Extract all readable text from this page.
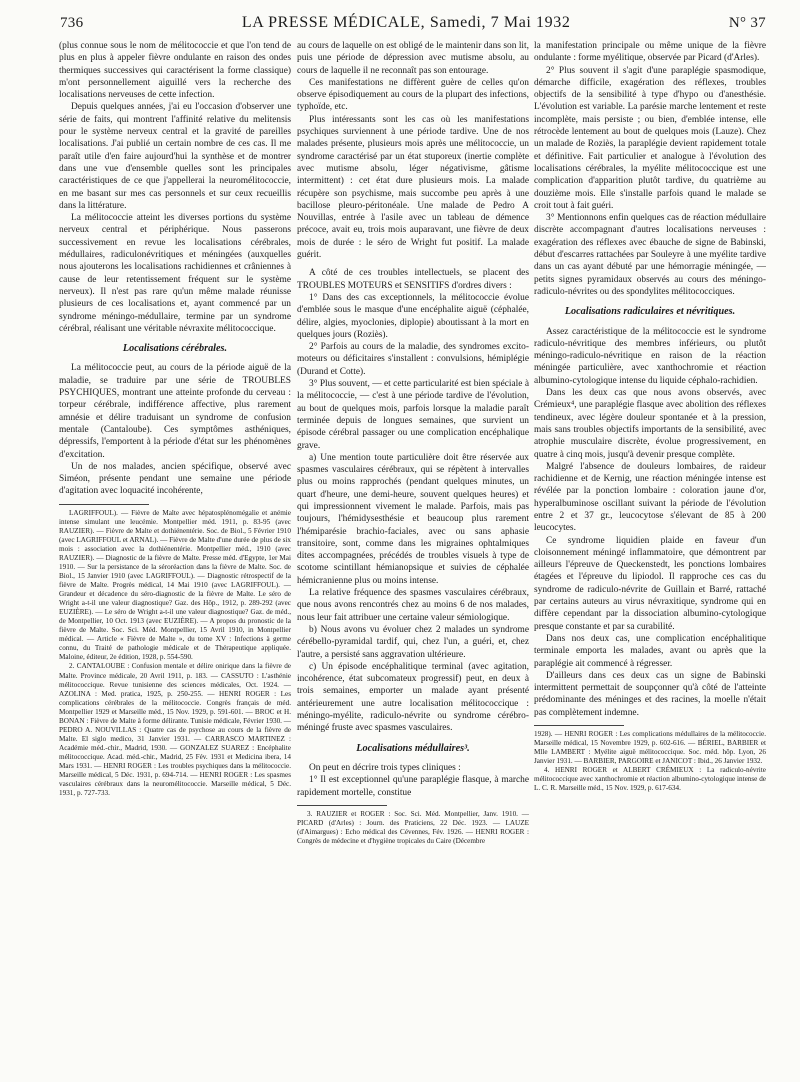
736	LA PRESSE MÉDICALE, Samedi, 7 Mai 1932	N° 37

(plus connue sous le nom de mélitococcie et que l'on tend de plus en plus à appeler fièvre ondulante en raison des ondes thermiques successives qui caractérisent la forme classique) m'ont personnellement aiguillé vers la recherche des localisations nerveuses de cette infection.

Depuis quelques années, j'ai eu l'occasion d'observer une série de faits, qui montrent l'affinité relative du melitensis pour le système nerveux central et la gravité de pareilles localisations. J'ai publié un certain nombre de ces cas. Il me paraît utile d'en faire aujourd'hui la synthèse et de montrer dans une vue d'ensemble quelles sont les principales caractéristiques de ce que j'appellerai la neuromélitococcie, en me basant sur mes cas personnels et sur ceux recueillis dans la littérature.

La mélitococcie atteint les diverses portions du système nerveux central et périphérique. Nous passerons successivement en revue les localisations cérébrales, médullaires, radiculonévritiques et méningées (auxquelles nous ajouterons les localisations rachidiennes et crâniennes à cause de leur retentissement fréquent sur le système nerveux). Il n'est pas rare qu'un même malade réunisse plusieurs de ces localisations et, ayant commencé par un syndrome méningo-médullaire, termine par un syndrome cérébral, réalisant une véritable névraxite mélitococcique.

Localisations cérébrales.

La mélitococcie peut, au cours de la période aiguë de la maladie, se traduire par une série de TROUBLES PSYCHIQUES, montrant une atteinte profonde du cerveau : torpeur cérébrale, indifférence affective, plus rarement amnésie et délire traduisant un syndrome de confusion mentale (Cantaloube). Ces symptômes asthéniques, dépressifs, l'emportent à la période d'état sur les phénomènes d'excitation.

Un de nos malades, ancien spécifique, observé avec Siméon, présente pendant une semaine une période d'agitation avec loquacité incohérente,

LAGRIFFOUL). — Fièvre de Malte avec hépatosplénomégalie et anémie intense simulant une leucémie. Montpellier méd. 1911, p. 83-95 (avec RAUZIER). — Fièvre de Malte et dothiénentérie. Soc. de Biol., 5 Février 1910 (avec LAGRIFFOUL et ARNAL). — Fièvre de Malte d'une durée de plus de six mois : association avec la dothiénentérie. Montpellier méd., 1910 (avec RAUZIER). — Diagnostic de la fièvre de Malte. Presse méd. d'Egypte, 1er Mai 1910. — Sur la persistance de la séroréaction dans la fièvre de Malte. Soc. de Biol., 15 Janvier 1910 (avec LAGRIFFOUL). — Diagnostic rétrospectif de la fièvre de Malte. Progrès médical, 14 Mai 1910 (avec LAGRIFFOUL). — Grandeur et décadence du séro-diagnostic de la fièvre de Malte. Le séro de Wright a-t-il une valeur diagnostique? Gaz. des Hôp., 1912, p. 289-292 (avec EUZIÈRE). — Le séro de Wright a-t-il une valeur diagnostique? Gaz. de méd., de Montpellier, 10 Oct. 1913 (avec EUZIÈRE). — A propos du pronostic de la fièvre de Malte. Soc. Sci. Méd. Montpellier, 15 Avril 1910, in Montpellier médical. — Article « Fièvre de Malte », du tome XV : Infections à germe connu, du Traité de pathologie médicale et de Thérapeutique appliquée. Maloine, éditeur, 2e édition, 1928, p. 554-590.

2. CANTALOUBE : Confusion mentale et délire onirique dans la fièvre de Malte. Province médicale, 20 Avril 1911, p. 183. — CASSUTO : L'asthénie mélitococcique. Revue tunisienne des sciences médicales, Oct. 1924. — AZOLINA : Med. pratica, 1925, p. 250-255. — HENRI ROGER : Les complications cérébrales de la mélitococcie. Congrès français de méd. Montpellier 1929 et Marseille méd., 15 Nov. 1929, p. 591-601. — BROC et H. BONAN : Fièvre de Malte à forme délirante. Tunisie médicale, Février 1930. — PEDRO A. NOUVILLAS : Quatre cas de psychose au cours de la fièvre de Malte. El siglo medico, 31 Janvier 1931. — CARRASCO MARTINEZ : Académie méd.-chir., Madrid, 1930. — GONZALEZ SUAREZ : Encéphalite mélitococcique. Acad. méd.-chir., Madrid, 25 Fév. 1931 et Medicina ibera, 14 Mars 1931. — HENRI ROGER : Les troubles psychiques dans la mélitococcie. Marseille médical, 5 Déc. 1931, p. 694-714. — HENRI ROGER : Les spasmes vasculaires cérébraux dans la neuromélitococcie. Marseille médical, 5 Déc. 1931, p. 727-733.

au cours de laquelle on est obligé de le maintenir dans son lit, puis une période de dépression avec mutisme absolu, au cours de laquelle il ne reconnaît pas son entourage.

Ces manifestations ne diffèrent guère de celles qu'on observe épisodiquement au cours de la plupart des infections, typhoïde, etc.

Plus intéressants sont les cas où les manifestations psychiques surviennent à une période tardive. Une de nos malades présente, plusieurs mois après une mélitococcie, un syndrome caractérisé par un état stuporeux (inertie complète avec mutisme absolu, léger négativisme, gâtisme intermittent) : cet état dure plusieurs mois. La malade récupère son psychisme, mais succombe peu après à une bacillose pleuro-péritonéale. Une malade de Pedro A Nouvillas, entrée à l'asile avec un tableau de démence précoce, avait eu, trois mois auparavant, une fièvre de deux mois de durée : le séro de Wright fut positif. La malade guérit.

A côté de ces troubles intellectuels, se placent des TROUBLES MOTEURS et SENSITIFS d'ordres divers :

1° Dans des cas exceptionnels, la mélitococcie évolue d'emblée sous le masque d'une encéphalite aiguë (céphalée, délire, algies, myoclonies, diplopie) aboutissant à la mort en quelques jours (Roziès).

2° Parfois au cours de la maladie, des syndromes excito-moteurs ou déficitaires s'installent : convulsions, hémiplégie (Durand et Cotte).

3° Plus souvent, — et cette particularité est bien spéciale à la mélitococcie, — c'est à une période tardive de l'évolution, au bout de quelques mois, parfois lorsque la maladie paraît terminée depuis de longues semaines, que survient un épisode cérébral passager ou une complication encéphalique grave.

a) Une mention toute particulière doit être réservée aux spasmes vasculaires cérébraux, qui se répètent à intervalles plus ou moins rapprochés (pendant quelques minutes, un quart d'heure, une demi-heure, souvent quelques heures) et qui impressionnent vivement le malade. Parfois, mais pas toujours, l'hémidysesthésie et beaucoup plus rarement l'hémiparésie brachio-faciales, avec ou sans aphasie transitoire, sont, comme dans les migraines ophtalmiques dites accompagnées, précédés de troubles visuels à type de scotome scintillant hémianopsique et suivies de céphalée hémicranienne plus ou moins intense.

La relative fréquence des spasmes vasculaires cérébraux, que nous avons rencontrés chez au moins 6 de nos malades, nous leur fait attribuer une certaine valeur sémiologique.

b) Nous avons vu évoluer chez 2 malades un syndrome cérébello-pyramidal tardif, qui, chez l'un, a guéri, et, chez l'autre, a persisté sans aggravation ultérieure.

c) Un épisode encéphalitique terminal (avec agitation, incohérence, état subcomateux progressif) peut, en deux à trois semaines, emporter un malade ayant présenté antérieurement une autre localisation mélitococcique : méningo-myélite, radiculo-névrite ou syndrome cérébro-méningé fruste avec spasmes vasculaires.

Localisations médullaires³.

On peut en décrire trois types cliniques :

1° Il est exceptionnel qu'une paraplégie flasque, à marche rapidement mortelle, constitue

3. RAUZIER et ROGER : Soc. Sci. Méd. Montpellier, Janv. 1910. — PICARD (d'Arles) : Journ. des Praticiens, 22 Déc. 1923. — LAUZE (d'Aimargues) : Echo médical des Cévennes, Fév. 1926. — HENRI ROGER : Congrès de médecine et d'hygiène tropicales du Caire (Décembre

la manifestation principale ou même unique de la fièvre ondulante : forme myélitique, observée par Picard (d'Arles).

2° Plus souvent il s'agit d'une paraplégie spasmodique, démarche difficile, exagération des réflexes, troubles objectifs de la sensibilité à type d'hypo ou d'anesthésie. L'évolution est variable. La parésie marche lentement et reste incomplète, mais persiste ; ou bien, d'emblée intense, elle rétrocède lentement au bout de quelques mois (Lauze). Chez un malade de Roziès, la paraplégie devient rapidement totale et définitive. Fait particulier et analogue à l'évolution des localisations cérébrales, la myélite mélitococcique est une complication d'apparition plutôt tardive, du quatrième au douzième mois. Elle s'installe parfois quand le malade se croit tout à fait guéri.

3° Mentionnons enfin quelques cas de réaction médullaire discrète accompagnant d'autres localisations nerveuses : exagération des réflexes avec ébauche de signe de Babinski, début d'escarres rattachées par Souleyre à une myélite tardive dans un cas ayant débuté par une hémorragie méningée, — petits signes pyramidaux observés au cours des méningo-radiculo-névrites ou des spondylites mélitococciques.

Localisations radiculaires et névritiques.

Assez caractéristique de la mélitococcie est le syndrome radiculo-névritique des membres inférieurs, ou plutôt méningo-radiculo-névritique en raison de la réaction méningée particulière, avec xanthochromie et réaction albumino-cytologique intense du liquide céphalo-rachidien.

Dans les deux cas que nous avons observés, avec Crémieux⁴, une paraplégie flasque avec abolition des réflexes tendineux, avec légère douleur spontanée et à la pression, mais sans troubles objectifs importants de la sensibilité, avec atrophie musculaire discrète, évolue progressivement, en quatre à cinq mois, jusqu'à devenir presque complète.

Malgré l'absence de douleurs lombaires, de raideur rachidienne et de Kernig, une réaction méningée intense est révélée par la ponction lombaire : coloration jaune d'or, hyperalbuminose oscillant suivant la période de l'évolution entre 2 et 37 gr., leucocytose s'élevant de 85 à 200 leucocytes.

Ce syndrome liquidien plaide en faveur d'un cloisonnement méningé inflammatoire, que démontrent par ailleurs l'épreuve de Queckenstedt, les ponctions lombaires étagées et l'épreuve du lipiodol. Il rapproche ces cas du syndrome de radiculo-névrite de Guillain et Barré, rattaché par certains auteurs au virus névraxitique, syndrome qui en diffère cependant par la dissociation albumino-cytologique presque constante et par sa curabilité.

Dans nos deux cas, une complication encéphalitique terminale emporta les malades, avant ou après que la paraplégie ait commencé à régresser.

D'ailleurs dans ces deux cas un signe de Babinski intermittent permettait de soupçonner qu'à côté de l'atteinte prédominante des méninges et des racines, la moelle n'était pas complètement indemne.

1928). — HENRI ROGER : Les complications médullaires de la mélitococcie. Marseille médical, 15 Novembre 1929, p. 602-616. — BÉRIEL, BARBIER et Mlle LAMBERT : Myélite aiguë mélitococcique. Soc. méd. hôp. Lyon, 26 Janvier 1931. — BARBIER, PARGOIRE et JANICOT : Ibid., 26 Janvier 1932.

4. HENRI ROGER et ALBERT CRÉMIEUX : La radiculo-névrite mélitococcique avec xanthochromie et réaction albumino-cytologique intense de L. C. R. Marseille méd., 15 Nov. 1929, p. 617-634.
